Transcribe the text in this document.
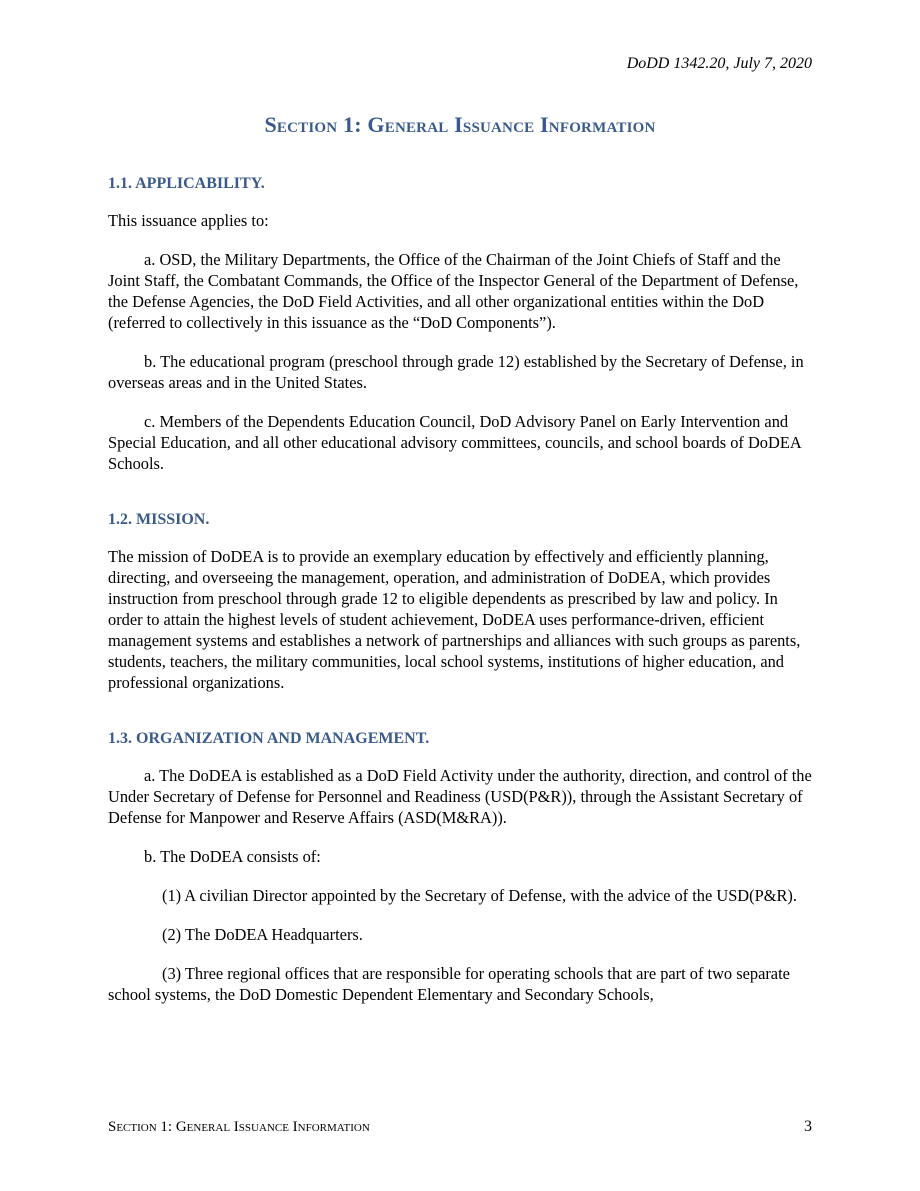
DoDD 1342.20, July 7, 2020
Section 1: General Issuance Information
1.1. APPLICABILITY.

This issuance applies to:

a. OSD, the Military Departments, the Office of the Chairman of the Joint Chiefs of Staff and the Joint Staff, the Combatant Commands, the Office of the Inspector General of the Department of Defense, the Defense Agencies, the DoD Field Activities, and all other organizational entities within the DoD (referred to collectively in this issuance as the “DoD Components”).

b. The educational program (preschool through grade 12) established by the Secretary of Defense, in overseas areas and in the United States.

c. Members of the Dependents Education Council, DoD Advisory Panel on Early Intervention and Special Education, and all other educational advisory committees, councils, and school boards of DoDEA Schools.

1.2. MISSION.

The mission of DoDEA is to provide an exemplary education by effectively and efficiently planning, directing, and overseeing the management, operation, and administration of DoDEA, which provides instruction from preschool through grade 12 to eligible dependents as prescribed by law and policy. In order to attain the highest levels of student achievement, DoDEA uses performance-driven, efficient management systems and establishes a network of partnerships and alliances with such groups as parents, students, teachers, the military communities, local school systems, institutions of higher education, and professional organizations.

1.3. ORGANIZATION AND MANAGEMENT.

a. The DoDEA is established as a DoD Field Activity under the authority, direction, and control of the Under Secretary of Defense for Personnel and Readiness (USD(P&R)), through the Assistant Secretary of Defense for Manpower and Reserve Affairs (ASD(M&RA)).

b. The DoDEA consists of:

(1) A civilian Director appointed by the Secretary of Defense, with the advice of the USD(P&R).

(2) The DoDEA Headquarters.

(3) Three regional offices that are responsible for operating schools that are part of two separate school systems, the DoD Domestic Dependent Elementary and Secondary Schools,

Section 1: General Issuance Information	3
